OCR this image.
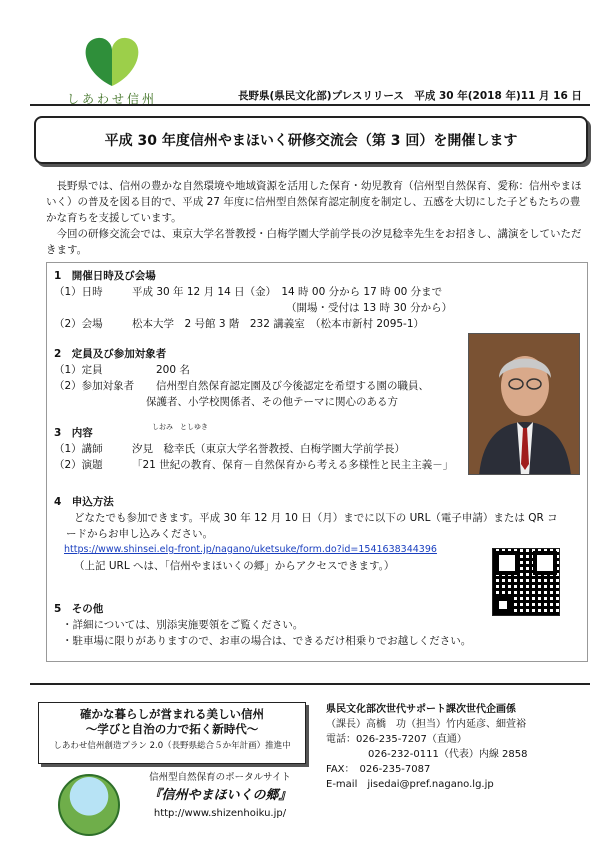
しあわせ信州	長野県(県民文化部)プレスリリース　平成 30 年(2018 年)11 月 16 日
平成 30 年度信州やまほいく研修交流会（第 3 回）を開催します

長野県では、信州の豊かな自然環境や地域資源を活用した保育・幼児教育（信州型自然保育、愛称：信州やまほいく）の普及を図る目的で、平成 27 年度に信州型自然保育認定制度を制定し、五感を大切にした子どもたちの豊かな育ちを支援しています。

今回の研修交流会では、東京大学名誉教授・白梅学園大学前学長の汐見稔幸先生をお招きし、講演をしていただきます。

1　開催日時及び会場
（1）日時	平成 30 年 12 月 14 日（金）　14 時 00 分から 17 時 00 分まで
（開場・受付は 13 時 30 分から）
（2）会場	松本大学　2 号館 3 階　232 講義室　（松本市新村 2095-1）
2　定員及び参加対象者
（1）定員	200 名
（2）参加対象者	信州型自然保育認定園及び今後認定を希望する園の職員、
保護者、小学校関係者、その他テーマに関心のある方
3　内容	しおみ　としゆき
（1）講師	汐見　稔幸氏（東京大学名誉教授、白梅学園大学前学長）
（2）演題	「21 世紀の教育、保育－自然保育から考える多様性と民主主義－」
4　申込方法
どなたでも参加できます。平成 30 年 12 月 10 日（月）までに以下の URL（電子申請）または QR コ
ードからお申し込みください。
https://www.shinsei.elg-front.jp/nagano/uketsuke/form.do?id=1541638344396
（上記 URL へは、「信州やまほいくの郷」からアクセスできます。）
5　その他
・詳細については、別添実施要領をご覧ください。
・駐車場に限りがありますので、お車の場合は、できるだけ相乗りでお越しください。
確かな暮らしが営まれる美しい信州
～学びと自治の力で拓く新時代～
しあわせ信州創造プラン 2.0（長野県総合５か年計画）推進中
県民文化部次世代サポート課次世代企画係
（課長）高橋　功（担当）竹内延彦、細萱裕
電話：026-235-7207（直通）
026-232-0111（代表）内線 2858
FAX：　026-235-7087
E-mail　jisedai@pref.nagano.lg.jp
信州型自然保育のポータルサイト
『信州やまほいくの郷』
http://www.shizenhoiku.jp/
